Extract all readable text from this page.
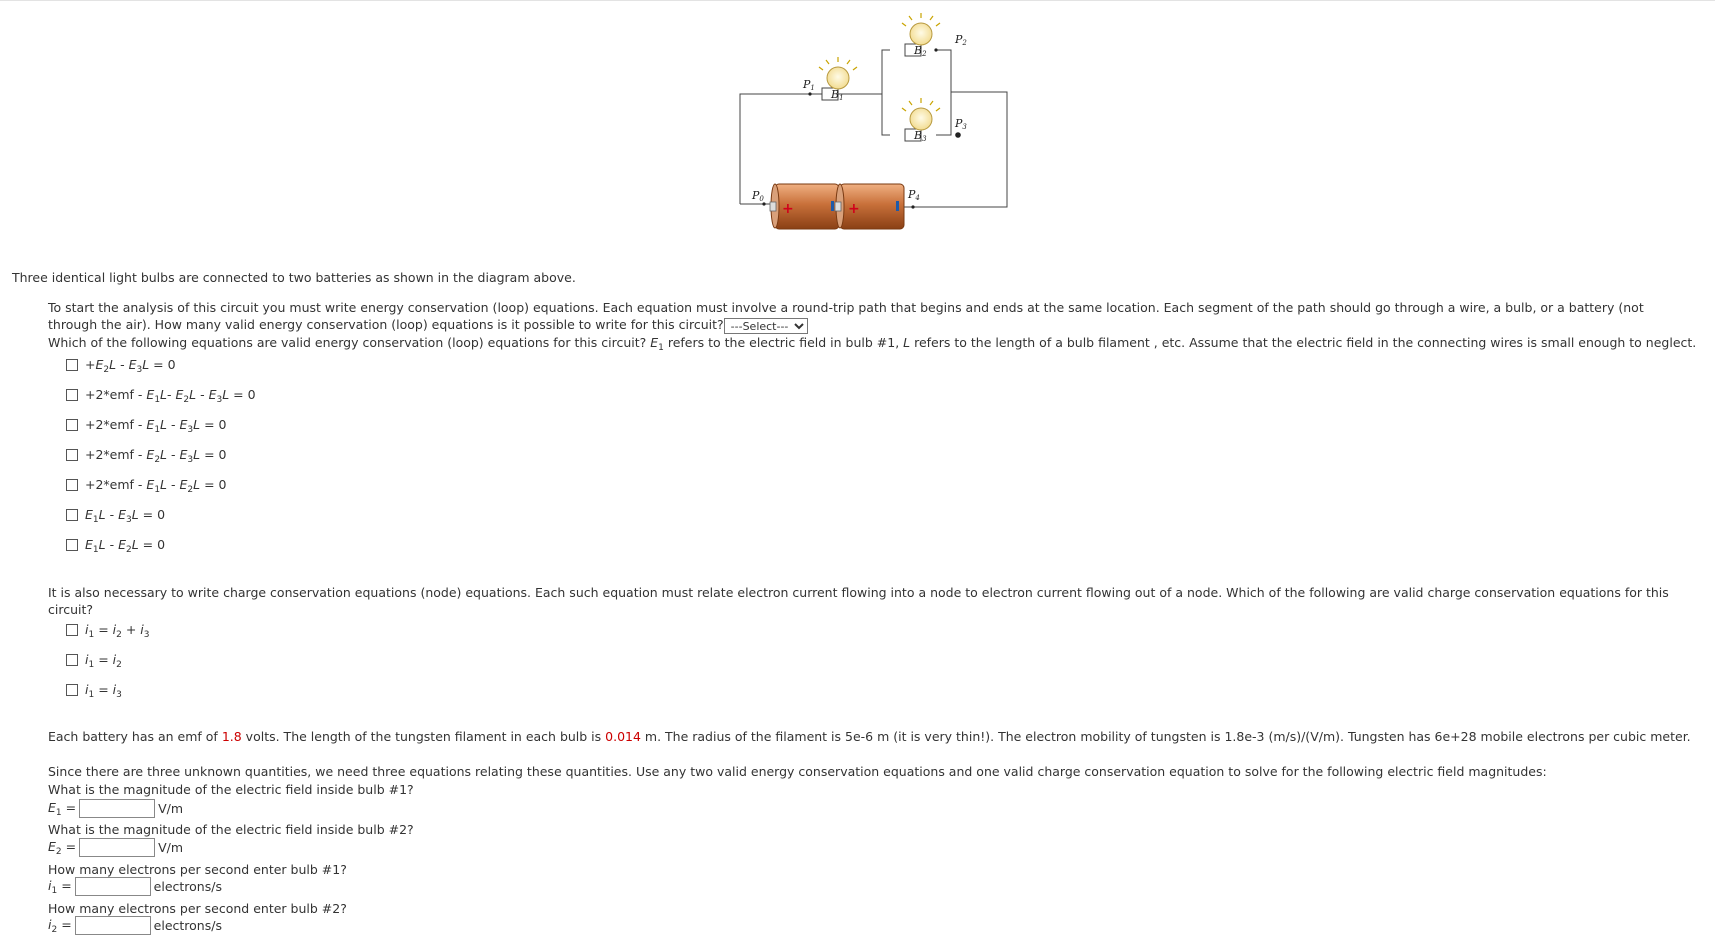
+	+
P0
P1
P2
P3
P4
B1
B2
B3

Three identical light bulbs are connected to two batteries as shown in the diagram above.

To start the analysis of this circuit you must write energy conservation (loop) equations. Each equation must involve a round-trip path that begins and ends at the same location. Each segment of the path should go through a wire, a bulb, or a battery (not

through the air). How many valid energy conservation (loop) equations is it possible to write for this circuit?
---Select---

Which of the following equations are valid energy conservation (loop) equations for this circuit? $E_1$ refers to the electric field in bulb #1, L refers to the length of a bulb filament , etc. Assume that the electric field in the connecting wires is small enough to neglect.

$+E_2L - E_3L = 0$
$+2*emf - E_1L-$ $E_2L - E_3L = 0$
$+2*emf - E_1L - E_3L = 0$
$+2*emf - E_2L - E_3L = 0$
$+2*emf - E_1L - E_2L = 0$
$E_1L - E_3L = 0$
$E_1L - E_2L = 0$

It is also necessary to write charge conservation equations (node) equations. Each such equation must relate electron current flowing into a node to electron current flowing out of a node. Which of the following are valid charge conservation equations for this

circuit?

$i_1 = i_2 + i_3$
$i_1 = i_2$
$i_1 = i_3$

Each battery has an emf of 1.8 volts. The length of the tungsten filament in each bulb is 0.014 m. The radius of the filament is 5e-6 m (it is very thin!). The electron mobility of tungsten is 1.8e-3 (m/s)/(V/m). Tungsten has 6e+28 mobile electrons per cubic meter.

Since there are three unknown quantities, we need three equations relating these quantities. Use any two valid energy conservation equations and one valid charge conservation equation to solve for the following electric field magnitudes:

What is the magnitude of the electric field inside bulb #1?

$E_1$ =	V/m

What is the magnitude of the electric field inside bulb #2?

$E_2$ =	V/m

How many electrons per second enter bulb #1?

$i_1$ =	electrons/s

How many electrons per second enter bulb #2?

$i_2$ =	electrons/s
